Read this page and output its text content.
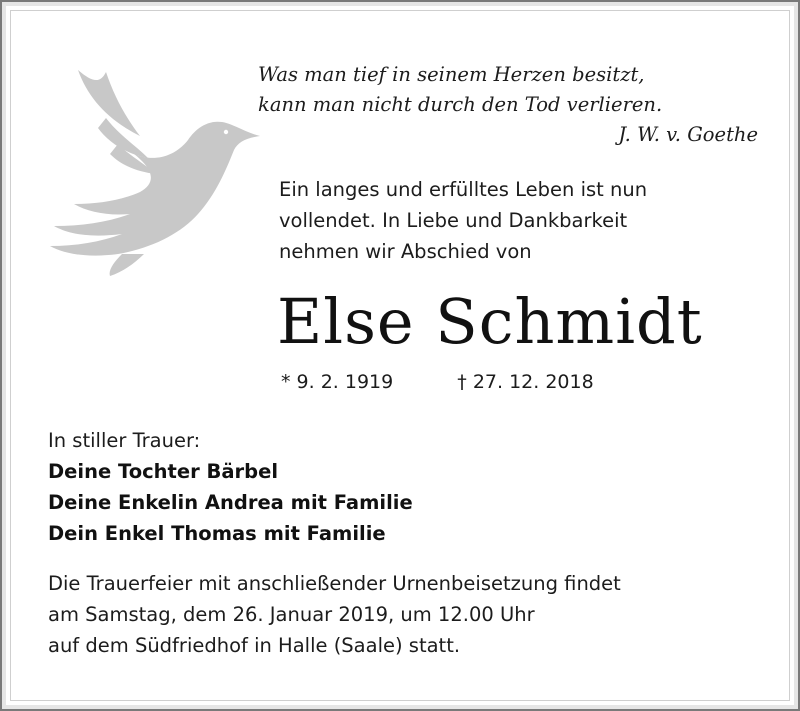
Was man tief in seinem Herzen besitzt,
kann man nicht durch den Tod verlieren.
J. W. v. Goethe
Ein langes und erfülltes Leben ist nun
vollendet. In Liebe und Dankbarkeit
nehmen wir Abschied von
Else Schmidt
* 9. 2. 1919	† 27. 12. 2018
In stiller Trauer:
Deine Tochter Bärbel
Deine Enkelin Andrea mit Familie
Dein Enkel Thomas mit Familie
Die Trauerfeier mit anschließender Urnenbeisetzung findet
am Samstag, dem 26. Januar 2019, um 12.00 Uhr
auf dem Südfriedhof in Halle (Saale) statt.
